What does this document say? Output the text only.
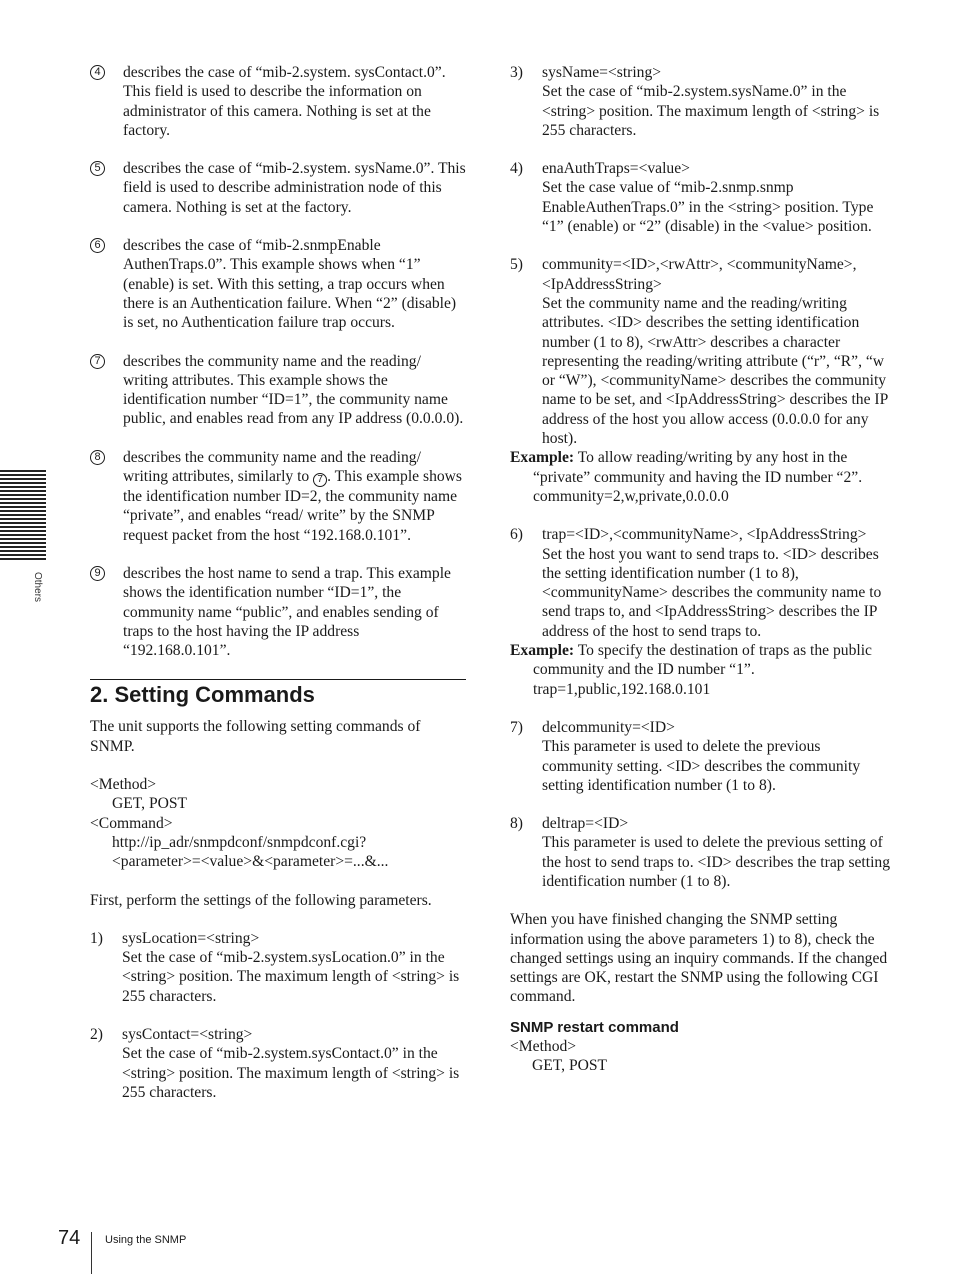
Others
4 describes the case of “mib-2.system. sysContact.0”. This field is used to describe the information on administrator of this camera. Nothing is set at the factory.
5 describes the case of “mib-2.system. sysName.0”. This field is used to describe administration node of this camera. Nothing is set at the factory.
6 describes the case of “mib-2.snmpEnable AuthenTraps.0”. This example shows when “1” (enable) is set. With this setting, a trap occurs when there is an Authentication failure. When “2” (disable) is set, no Authentication failure trap occurs.
7 describes the community name and the reading/ writing attributes. This example shows the identification number “ID=1”, the community name public, and enables read from any IP address (0.0.0.0).
8 describes the community name and the reading/ writing attributes, similarly to 7 . This example shows the identification number ID=2, the community name “private”, and enables “read/ write” by the SNMP request packet from the host “192.168.0.101”.
9 describes the host name to send a trap. This example shows the identification number “ID=1”, the community name “public”, and enables sending of traps to the host having the IP address “192.168.0.101”.
2. Setting Commands

The unit supports the following setting commands of SNMP.

<Method>

GET, POST

<Command>

http://ip_adr/snmpdconf/snmpdconf.cgi?

<parameter>=<value>&<parameter>=...&...

First, perform the settings of the following parameters.

1) sysLocation=<string>

Set the case of “mib-2.system.sysLocation.0” in the <string> position. The maximum length of <string> is 255 characters.

2) sysContact=<string>

Set the case of “mib-2.system.sysContact.0” in the <string> position. The maximum length of <string> is 255 characters.

3) sysName=<string>

Set the case of “mib-2.system.sysName.0” in the <string> position. The maximum length of <string> is 255 characters.

4) enaAuthTraps=<value>

Set the case value of “mib-2.snmp.snmp EnableAuthenTraps.0” in the <string> position. Type “1” (enable) or “2” (disable) in the <value> position.

5) community=<ID>,<rwAttr>, <communityName>,<IpAddressString>

Set the community name and the reading/writing attributes. <ID> describes the setting identification number (1 to 8), <rwAttr> describes a character representing the reading/writing attribute (“r”, “R”, “w or “W”), <communityName> describes the community name to be set, and <IpAddressString> describes the IP address of the host you allow access (0.0.0.0 for any host).

Example: To allow reading/writing by any host in the “private” community and having the ID number “2”.

community=2,w,private,0.0.0.0

6) trap=<ID>,<communityName>, <IpAddressString>

Set the host you want to send traps to. <ID> describes the setting identification number (1 to 8), <communityName> describes the community name to send traps to, and <IpAddressString> describes the IP address of the host to send traps to.

Example: To specify the destination of traps as the public community and the ID number “1”.

trap=1,public,192.168.0.101

7) delcommunity=<ID>

This parameter is used to delete the previous community setting. <ID> describes the community setting identification number (1 to 8).

8) deltrap=<ID>

This parameter is used to delete the previous setting of the host to send traps to. <ID> describes the trap setting identification number (1 to 8).

When you have finished changing the SNMP setting information using the above parameters 1) to 8), check the changed settings using an inquiry commands. If the changed settings are OK, restart the SNMP using the following CGI command.

SNMP restart command

<Method>

GET, POST

74 Using the SNMP
